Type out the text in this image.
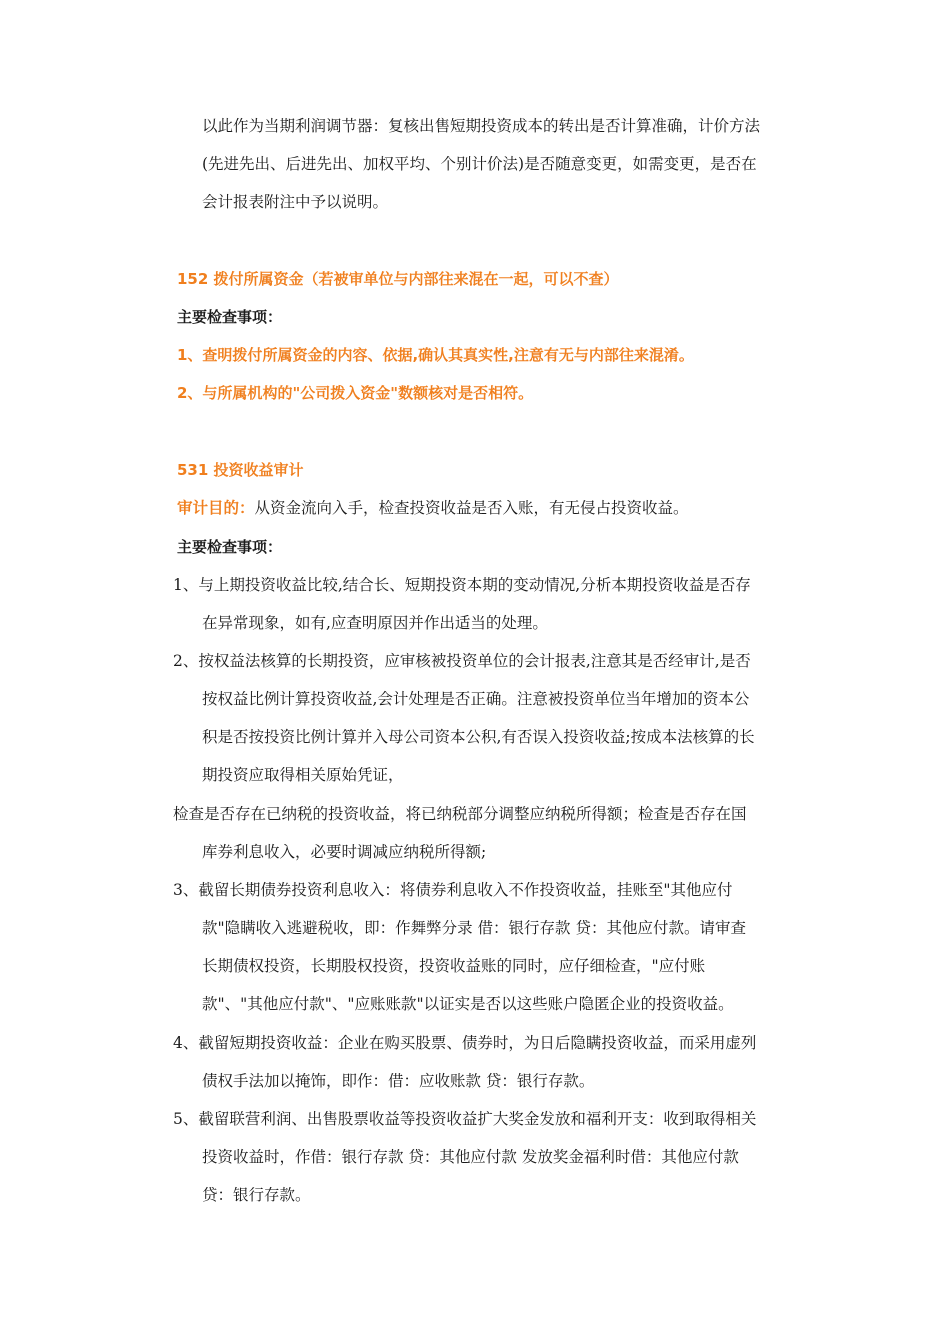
以此作为当期利润调节器：复核出售短期投资成本的转出是否计算准确，计价方法
(先进先出、后进先出、加权平均、个别计价法)是否随意变更，如需变更，是否在
会计报表附注中予以说明。
152 拨付所属资金（若被审单位与内部往来混在一起，可以不查）
主要检查事项：
1、查明拨付所属资金的内容、依据,确认其真实性,注意有无与内部往来混淆。
2、与所属机构的"公司拨入资金"数额核对是否相符。
531 投资收益审计
审计目的：从资金流向入手，检查投资收益是否入账，有无侵占投资收益。
主要检查事项：
1、与上期投资收益比较,结合长、短期投资本期的变动情况,分析本期投资收益是否存
在异常现象，如有,应查明原因并作出适当的处理。
2、按权益法核算的长期投资，应审核被投资单位的会计报表,注意其是否经审计,是否
按权益比例计算投资收益,会计处理是否正确。注意被投资单位当年增加的资本公
积是否按投资比例计算并入母公司资本公积,有否误入投资收益;按成本法核算的长
期投资应取得相关原始凭证，
检查是否存在已纳税的投资收益，将已纳税部分调整应纳税所得额；检查是否存在国
库券利息收入，必要时调减应纳税所得额;
3、截留长期债券投资利息收入：将债券利息收入不作投资收益，挂账至"其他应付
款"隐瞒收入逃避税收，即：作舞弊分录 借：银行存款 贷：其他应付款。请审查
长期债权投资，长期股权投资，投资收益账的同时，应仔细检查，"应付账
款"、"其他应付款"、"应账账款"以证实是否以这些账户隐匿企业的投资收益。
4、截留短期投资收益：企业在购买股票、债券时，为日后隐瞒投资收益，而采用虚列
债权手法加以掩饰，即作：借：应收账款 贷：银行存款。
5、截留联营利润、出售股票收益等投资收益扩大奖金发放和福利开支：收到取得相关
投资收益时，作借：银行存款 贷：其他应付款 发放奖金福利时借：其他应付款
贷：银行存款。
